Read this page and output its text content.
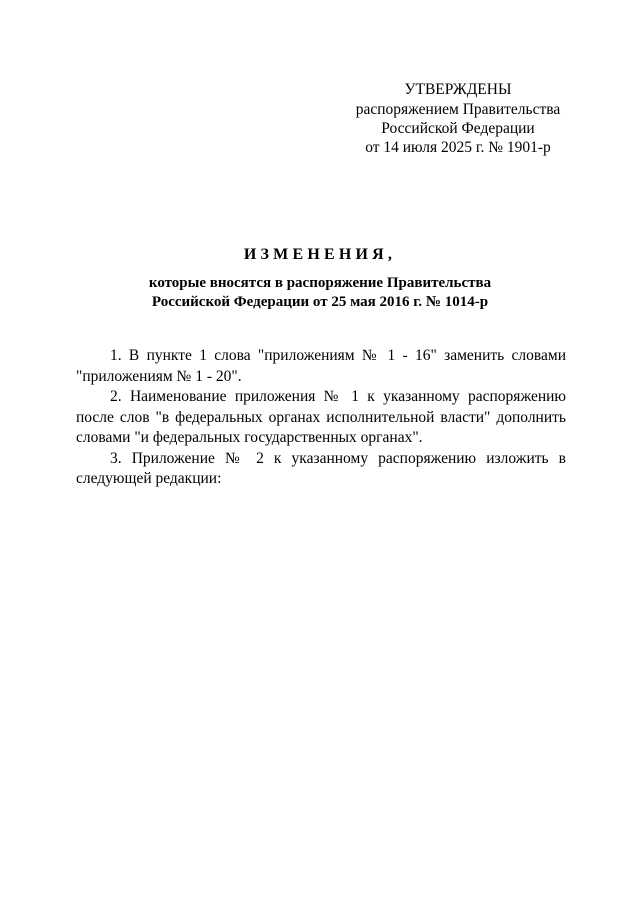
УТВЕРЖДЕНЫ
распоряжением Правительства
Российской Федерации
от 14 июля 2025 г. № 1901-р
ИЗМЕНЕНИЯ,
которые вносятся в распоряжение Правительства
Российской Федерации от 25 мая 2016 г. № 1014-р

1. В пункте 1 слова "приложениям № 1 - 16" заменить словами "приложениям № 1 - 20".

2. Наименование приложения № 1 к указанному распоряжению после слов "в федеральных органах исполнительной власти" дополнить словами "и федеральных государственных органах".

3. Приложение № 2 к указанному распоряжению изложить в следующей редакции:
